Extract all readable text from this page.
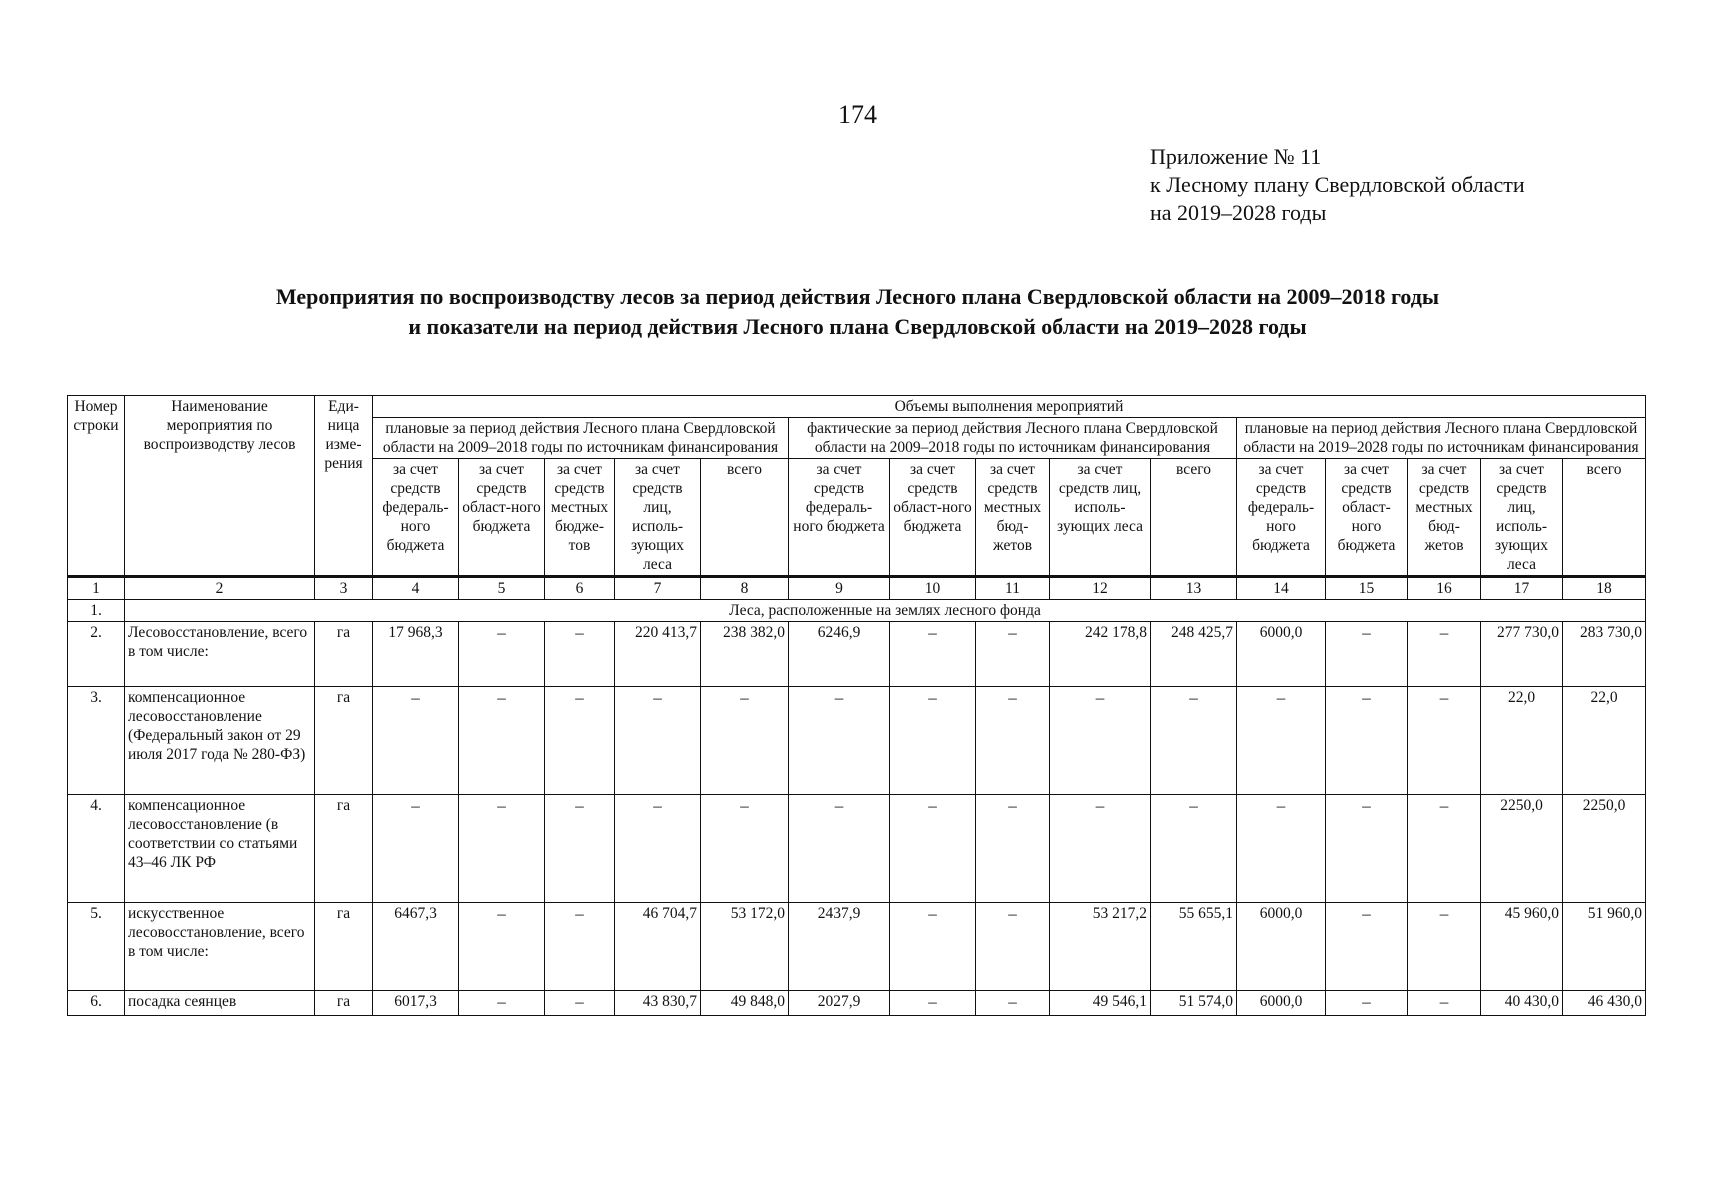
174
Приложение № 11
к Лесному плану Свердловской области
на 2019–2028 годы
Мероприятия по воспроизводству лесов за период действия Лесного плана Свердловской области на 2009–2018 годы
и показатели на период действия Лесного плана Свердловской области на 2019–2028 годы
Номер строки	Наименование мероприятия по воспроизводству лесов	Еди-ница изме-рения	Объемы выполнения мероприятий														
			плановые за период действия Лесного плана Свердловской области на 2009–2018 годы по источникам финансирования					фактические за период действия Лесного плана Свердловской области на 2009–2018 годы по источникам финансирования					плановые на период действия Лесного плана Свердловской области на 2019–2028 годы по источникам финансирования				
			за счет средств федераль-ного бюджета	за счет средств област-ного бюджета	за счет средств местных бюдже-тов	за счет средств лиц, исполь-зующих леса	всего	за счет средств федераль-ного бюджета	за счет средств област-ного бюджета	за счет средств местных бюд-жетов	за счет средств лиц, исполь-зующих леса	всего	за счет средств федераль-ного бюджета	за счет средств област-ного бюджета	за счет средств местных бюд-жетов	за счет средств лиц, исполь-зующих леса	всего
1	2	3	4	5	6	7	8	9	10	11	12	13	14	15	16	17	18
1.	Леса, расположенные на землях лесного фонда																
2.	Лесовосстановление, всего в том числе:	га	17 968,3	–	–	220 413,7	238 382,0	6246,9	–	–	242 178,8	248 425,7	6000,0	–	–	277 730,0	283 730,0
3.	компенсационное лесовосстановление (Федеральный закон от 29 июля 2017 года № 280-ФЗ)	га	–	–	–	–	–	–	–	–	–	–	–	–	–	22,0	22,0
4.	компенсационное лесовосстановление (в соответствии со статьями 43–46 ЛК РФ	га	–	–	–	–	–	–	–	–	–	–	–	–	–	2250,0	2250,0
5.	искусственное лесовосстановление, всего в том числе:	га	6467,3	–	–	46 704,7	53 172,0	2437,9	–	–	53 217,2	55 655,1	6000,0	–	–	45 960,0	51 960,0
6.	посадка сеянцев	га	6017,3	–	–	43 830,7	49 848,0	2027,9	–	–	49 546,1	51 574,0	6000,0	–	–	40 430,0	46 430,0
